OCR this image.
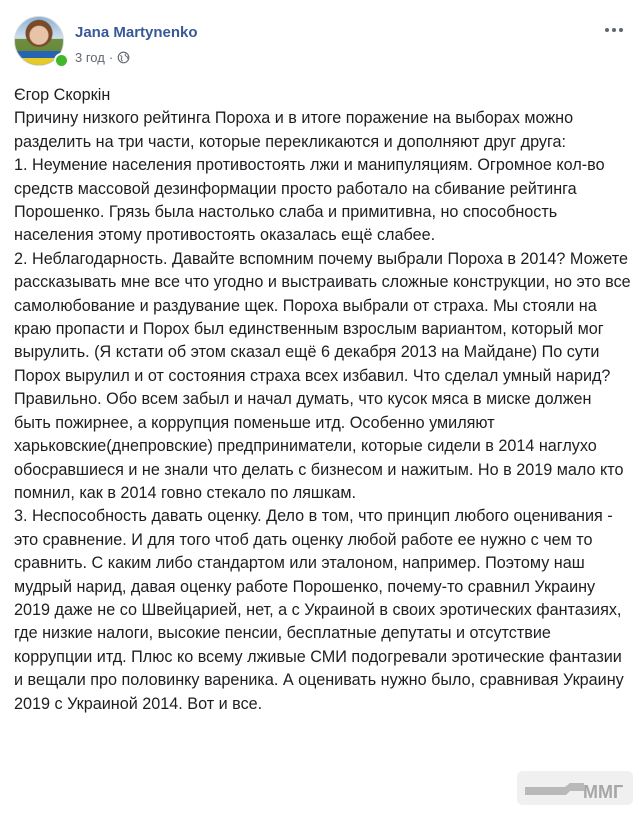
Jana Martynenko
3 год ·

Єгор Скоркін

Причину низкого рейтинга Пороха и в итоге поражение на выборах можно разделить на три части, которые перекликаются и дополняют друг друга:

1. Неумение населения противостоять лжи и манипуляциям. Огромное кол-во средств массовой дезинформации просто работало на сбивание рейтинга Порошенко. Грязь была настолько слаба и примитивна, но способность населения этому противостоять оказалась ещё слабее.

2. Неблагодарность. Давайте вспомним почему выбрали Пороха в 2014? Можете рассказывать мне все что угодно и выстраивать сложные конструкции, но это все самолюбование и раздувание щек. Пороха выбрали от страха. Мы стояли на краю пропасти и Порох был единственным взрослым вариантом, который мог вырулить. (Я кстати об этом сказал ещё 6 декабря 2013 на Майдане) По сути Порох вырулил и от состояния страха всех избавил. Что сделал умный нарид? Правильно. Обо всем забыл и начал думать, что кусок мяса в миске должен быть пожирнее, а коррупция поменьше итд. Особенно умиляют харьковские(днепровские) предприниматели, которые сидели в 2014 наглухо обосравшиеся и не знали что делать с бизнесом и нажитым. Но в 2019 мало кто помнил, как в 2014 говно стекало по ляшкам.

3. Неспособность давать оценку. Дело в том, что принцип любого оценивания - это сравнение. И для того чтоб дать оценку любой работе ее нужно с чем то сравнить. С каким либо стандартом или эталоном, например. Поэтому наш мудрый нарид, давая оценку работе Порошенко, почему-то сравнил Украину 2019 даже не со Швейцарией, нет, а с Украиной в своих эротических фантазиях, где низкие налоги, высокие пенсии, бесплатные депутаты и отсутствие коррупции итд. Плюс ко всему лживые СМИ подогревали эротические фантазии и вещали про половинку вареника. А оценивать нужно было, сравнивая Украину 2019 с Украиной 2014. Вот и все.

ММГ
